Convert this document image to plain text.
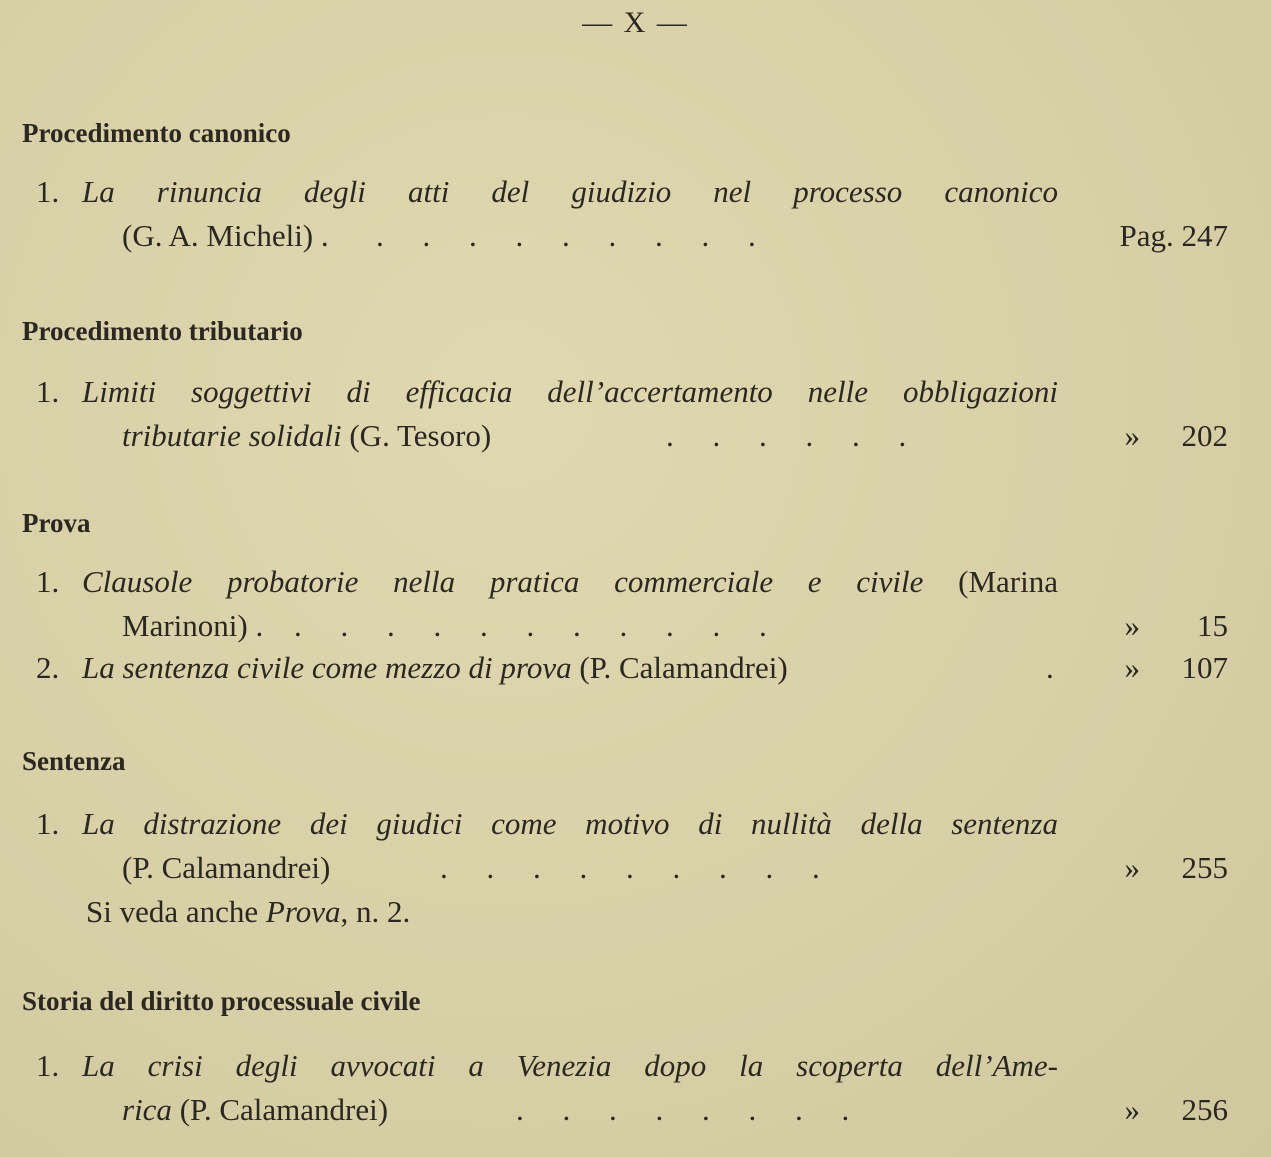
— X —
Procedimento canonico
1. La rinuncia degli atti del giudizio nel processo canonico
(G. A. Micheli) . .     .     .     .     .     .     .     .     .	Pag. 247
Procedimento tributario
1. Limiti soggettivi di efficacia dell’accertamento nelle obbligazioni
tributarie solidali (G. Tesoro)	.     .     .     .     .     .	» 202
Prova
1. Clausole probatorie nella pratica commerciale e civile (Marina
Marinoni) . .     .     .     .     .     .     .     .     .     .     .	» 15
2. La sentenza civile come mezzo di prova (P. Calamandrei)	. » 107
Sentenza
1. La distrazione dei giudici come motivo di nullità della sentenza
(P. Calamandrei)	.     .     .     .     .     .     .     .     .	» 255
Si veda anche Prova, n. 2.
Storia del diritto processuale civile
1. La crisi degli avvocati a Venezia dopo la scoperta dell’Ame-
rica (P. Calamandrei)	.     .     .     .     .     .     .     .	» 256
